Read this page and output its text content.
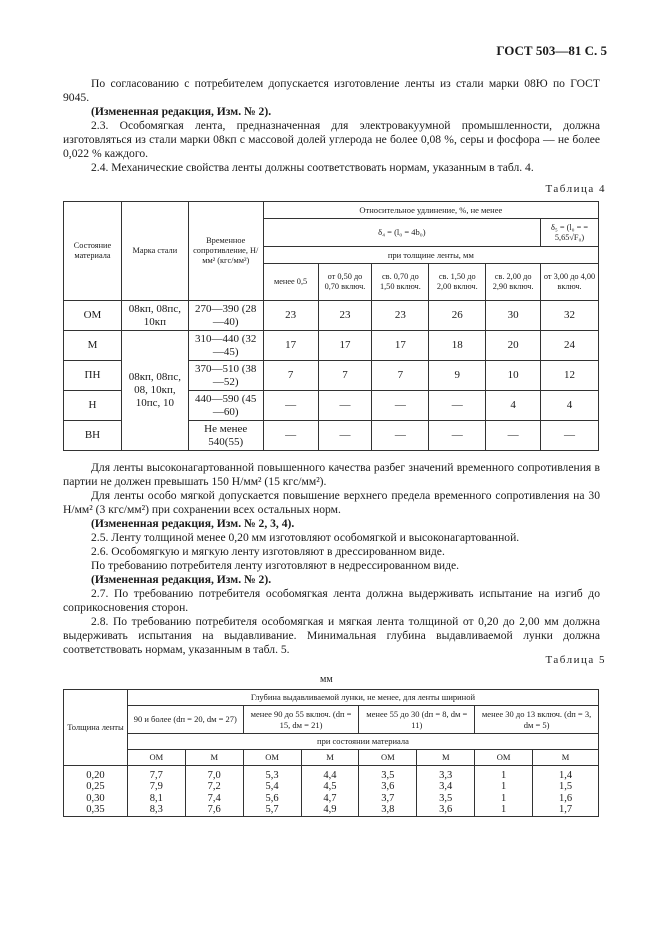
ГОСТ 503—81 С. 5
По согласованию с потребителем допускается изготовление ленты из стали марки 08Ю по ГОСТ 9045.
(Измененная редакция, Изм. № 2).
2.3. Особомягкая лента, предназначенная для электровакуумной промышленности, должна изготовляться из стали марки 08кп с массовой долей углерода не более 0,08 %, серы и фосфора — не более 0,022 % каждого.
2.4. Механические свойства ленты должны соответствовать нормам, указанным в табл. 4.
Таблица 4
Состояние материала	Марка стали	Временное сопротивление, Н/мм² (кгс/мм²)	Относительное удлинение, %, не менее					
			δ₄ = (l₀ = 4b₀)					δ₅ = (l₀ = = 5,65√F₀)
			при толщине ленты, мм					
			менее 0,5	от 0,50 до 0,70 включ.	св. 0,70 до 1,50 включ.	св. 1,50 до 2,00 включ.	св. 2,00 до 2,90 включ.	от 3,00 до 4,00 включ.
ОМ	08кп, 08пс, 10кп	270—390 (28—40)	23	23	23	26	30	32
М	08кп, 08пс, 08, 10кп, 10пс, 10	310—440 (32—45)	17	17	17	18	20	24
ПН		370—510 (38—52)	7	7	7	9	10	12
Н		440—590 (45—60)	—	—	—	—	4	4
ВН		Не менее 540(55)	—	—	—	—	—	—
Для ленты высоконагартованной повышенного качества разбег значений временного сопротивления в партии не должен превышать 150 Н/мм² (15 кгс/мм²).
Для ленты особо мягкой допускается повышение верхнего предела временного сопротивления на 30 Н/мм² (3 кгс/мм²) при сохранении всех остальных норм.
(Измененная редакция, Изм. № 2, 3, 4).
2.5. Ленту толщиной менее 0,20 мм изготовляют особомягкой и высоконагартованной.
2.6. Особомягкую и мягкую ленту изготовляют в дрессированном виде.
По требованию потребителя ленту изготовляют в недрессированном виде.
(Измененная редакция, Изм. № 2).
2.7. По требованию потребителя особомягкая лента должна выдерживать испытание на изгиб до соприкосновения сторон.
2.8. По требованию потребителя особомягкая и мягкая лента толщиной от 0,20 до 2,00 мм должна выдерживать испытания на выдавливание. Минимальная глубина выдавливаемой лунки должна соответствовать нормам, указанным в табл. 5.
Таблица 5
мм
Толщина ленты	Глубина выдавливаемой лунки, не менее, для ленты шириной							
	90 и более (dп = 20, dм = 27)		менее 90 до 55 включ. (dп = 15, dм = 21)		менее 55 до 30 (dп = 8, dм = 11)		менее 30 до 13 включ. (dп = 3, dм = 5)	
	при состоянии материала							
	ОМ	М	ОМ	М	ОМ	М	ОМ	М
0,20	7,7	7,0	5,3	4,4	3,5	3,3	1	1,4
0,25	7,9	7,2	5,4	4,5	3,6	3,4	1	1,5
0,30	8,1	7,4	5,6	4,7	3,7	3,5	1	1,6
0,35	8,3	7,6	5,7	4,9	3,8	3,6	1	1,7
